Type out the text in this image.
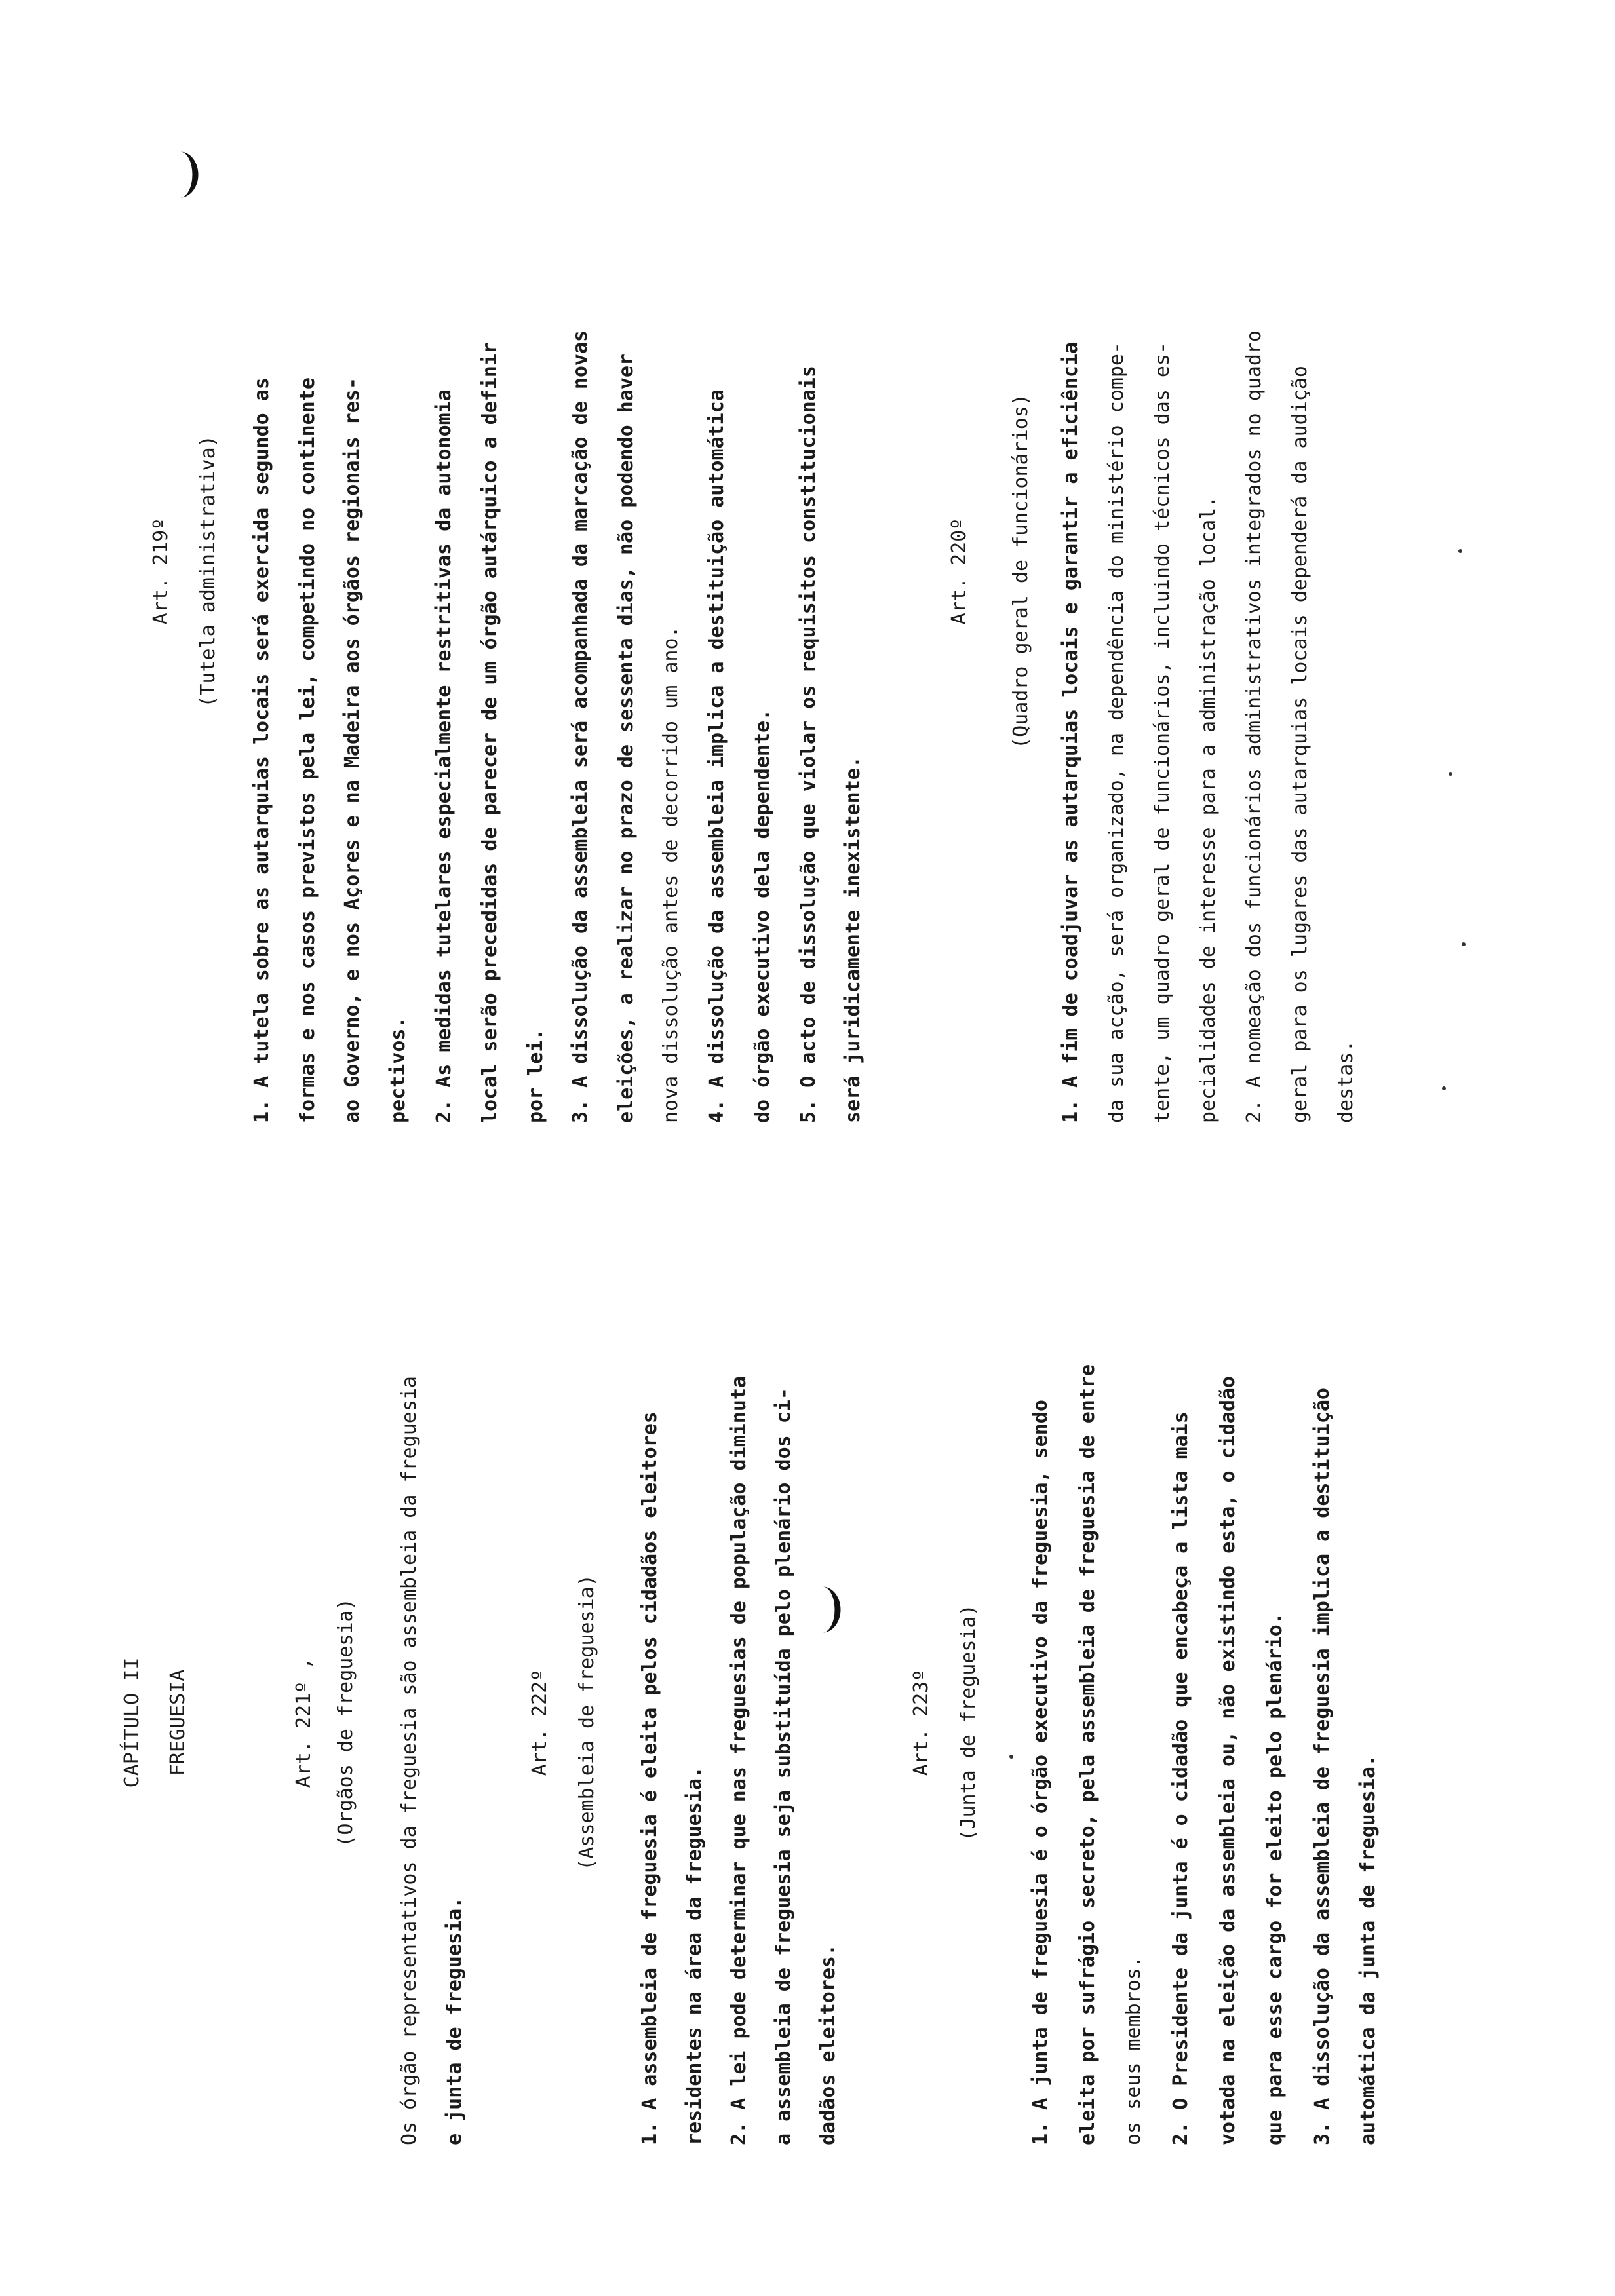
CAPÍTULO II FREGUESIA	Art. 221º , (Orgãos de freguesia) Os órgão representativos da freguesia são assembleia da freguesia e junta de freguesia.
Art. 222º (Assembleia de freguesia) 1. A assembleia de freguesia é eleita pelos cidadãos eleitores residentes na área da freguesia. 2. A lei pode determinar que nas freguesias de população diminuta a assembleia de freguesia seja substituída pelo plenário dos ci- dadãos eleitores.
Art. 223º (Junta de freguesia)	1. A junta de freguesia é o órgão executivo da freguesia, sendo eleita por sufrágio secreto, pela assembleia de freguesia de entre os seus membros. 2. O Presidente da junta é o cidadão que encabeça a lista mais votada na eleição da assembleia ou, não existindo esta, o cidadão que para esse cargo for eleito pelo plenário. 3. A dissolução da assembleia de freguesia implica a destituição automática da junta de freguesia.
Art. 219º (Tutela administrativa) 1. A tutela sobre as autarquias locais será exercida segundo as formas e nos casos previstos pela lei, competindo no continente ao Governo, e nos Açores e na Madeira aos órgãos regionais res- pectivos. 2. As medidas tutelares especialmente restritivas da autonomia local serão precedidas de parecer de um órgão autárquico a definir por lei. 3. A dissolução da assembleia será acompanhada da marcação de novas eleições, a realizar no prazo de sessenta dias, não podendo haver nova dissolução antes de decorrido um ano. 4. A dissolução da assembleia implica a destituição automática do órgão executivo dela dependente. 5. O acto de dissolução que violar os requisitos constitucionais será juridicamente inexistente.
Art. 220º (Quadro geral de funcionários) 1. A fim de coadjuvar as autarquias locais e garantir a eficiência da sua acção, será organizado, na dependência do ministério compe- tente, um quadro geral de funcionários, incluindo técnicos das es- pecialidades de interesse para a administração local. 2. A nomeação dos funcionários administrativos integrados no quadro geral para os lugares das autarquias locais dependerá da audição destas.
